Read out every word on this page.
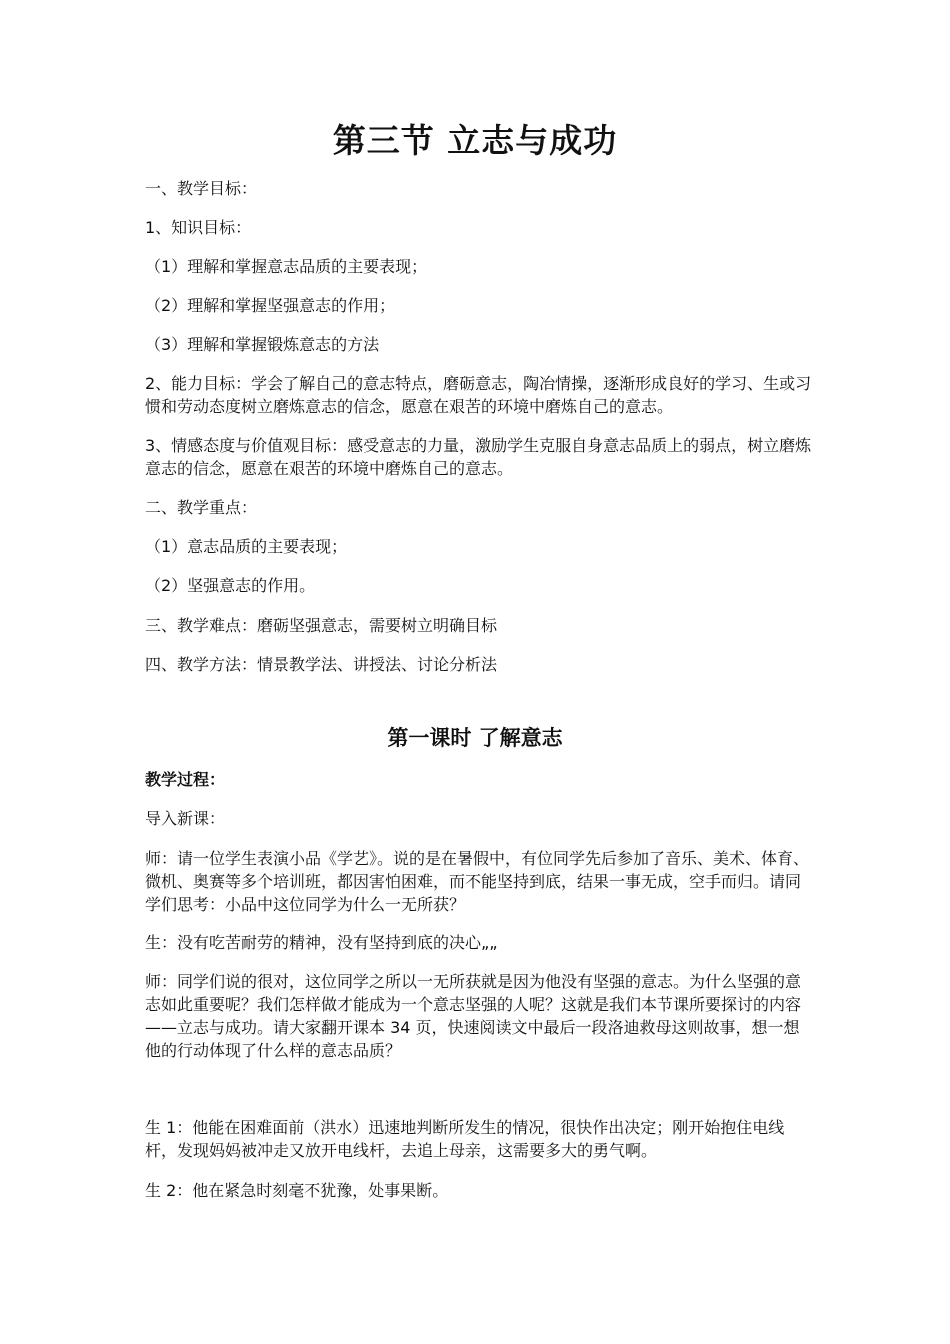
第三节 立志与成功
一、教学目标：
1、知识目标：
（1）理解和掌握意志品质的主要表现；
（2）理解和掌握坚强意志的作用；
（3）理解和掌握锻炼意志的方法
2、能力目标：学会了解自己的意志特点，磨砺意志，陶冶情操，逐渐形成良好的学习、生或习惯和劳动态度树立磨炼意志的信念，愿意在艰苦的环境中磨炼自己的意志。
3、情感态度与价值观目标：感受意志的力量，激励学生克服自身意志品质上的弱点，树立磨炼意志的信念，愿意在艰苦的环境中磨炼自己的意志。
二、教学重点：
（1）意志品质的主要表现；
（2）坚强意志的作用。
三、教学难点：磨砺坚强意志，需要树立明确目标
四、教学方法：情景教学法、讲授法、讨论分析法
第一课时 了解意志
教学过程：
导入新课：
师：请一位学生表演小品《学艺》。说的是在暑假中，有位同学先后参加了音乐、美术、体育、微机、奥赛等多个培训班，都因害怕困难，而不能坚持到底，结果一事无成，空手而归。请同学们思考：小品中这位同学为什么一无所获？
生：没有吃苦耐劳的精神，没有坚持到底的决心„„
师：同学们说的很对，这位同学之所以一无所获就是因为他没有坚强的意志。为什么坚强的意志如此重要呢？我们怎样做才能成为一个意志坚强的人呢？这就是我们本节课所要探讨的内容——立志与成功。请大家翻开课本 34 页，快速阅读文中最后一段洛迪救母这则故事，想一想他的行动体现了什么样的意志品质？
生 1：他能在困难面前（洪水）迅速地判断所发生的情况，很快作出决定；刚开始抱住电线杆，发现妈妈被冲走又放开电线杆，去追上母亲，这需要多大的勇气啊。
生 2：他在紧急时刻毫不犹豫，处事果断。
